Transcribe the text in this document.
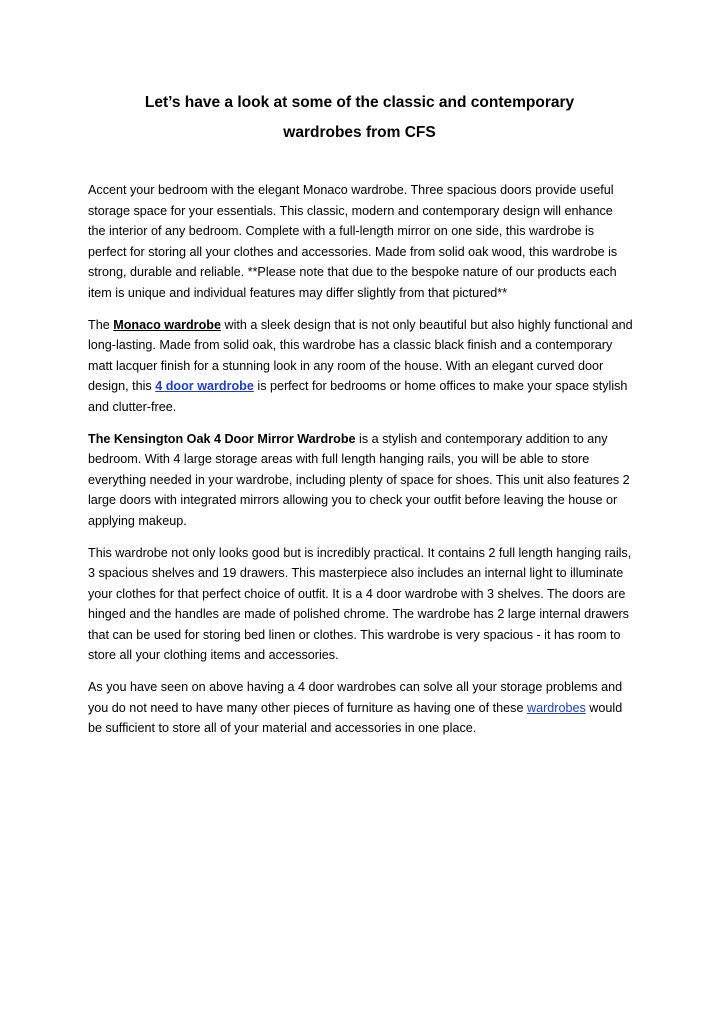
Let’s have a look at some of the classic and contemporary
wardrobes from CFS

Accent your bedroom with the elegant Monaco wardrobe. Three spacious doors provide useful storage space for your essentials. This classic, modern and contemporary design will enhance the interior of any bedroom. Complete with a full-length mirror on one side, this wardrobe is perfect for storing all your clothes and accessories. Made from solid oak wood, this wardrobe is strong, durable and reliable. **Please note that due to the bespoke nature of our products each item is unique and individual features may differ slightly from that pictured**

The Monaco wardrobe with a sleek design that is not only beautiful but also highly functional and long-lasting. Made from solid oak, this wardrobe has a classic black finish and a contemporary matt lacquer finish for a stunning look in any room of the house. With an elegant curved door design, this 4 door wardrobe is perfect for bedrooms or home offices to make your space stylish and clutter-free.

The Kensington Oak 4 Door Mirror Wardrobe is a stylish and contemporary addition to any bedroom. With 4 large storage areas with full length hanging rails, you will be able to store everything needed in your wardrobe, including plenty of space for shoes. This unit also features 2 large doors with integrated mirrors allowing you to check your outfit before leaving the house or applying makeup.

This wardrobe not only looks good but is incredibly practical. It contains 2 full length hanging rails, 3 spacious shelves and 19 drawers. This masterpiece also includes an internal light to illuminate your clothes for that perfect choice of outfit. It is a 4 door wardrobe with 3 shelves. The doors are hinged and the handles are made of polished chrome. The wardrobe has 2 large internal drawers that can be used for storing bed linen or clothes. This wardrobe is very spacious - it has room to store all your clothing items and accessories.

As you have seen on above having a 4 door wardrobes can solve all your storage problems and you do not need to have many other pieces of furniture as having one of these wardrobes would be sufficient to store all of your material and accessories in one place.
